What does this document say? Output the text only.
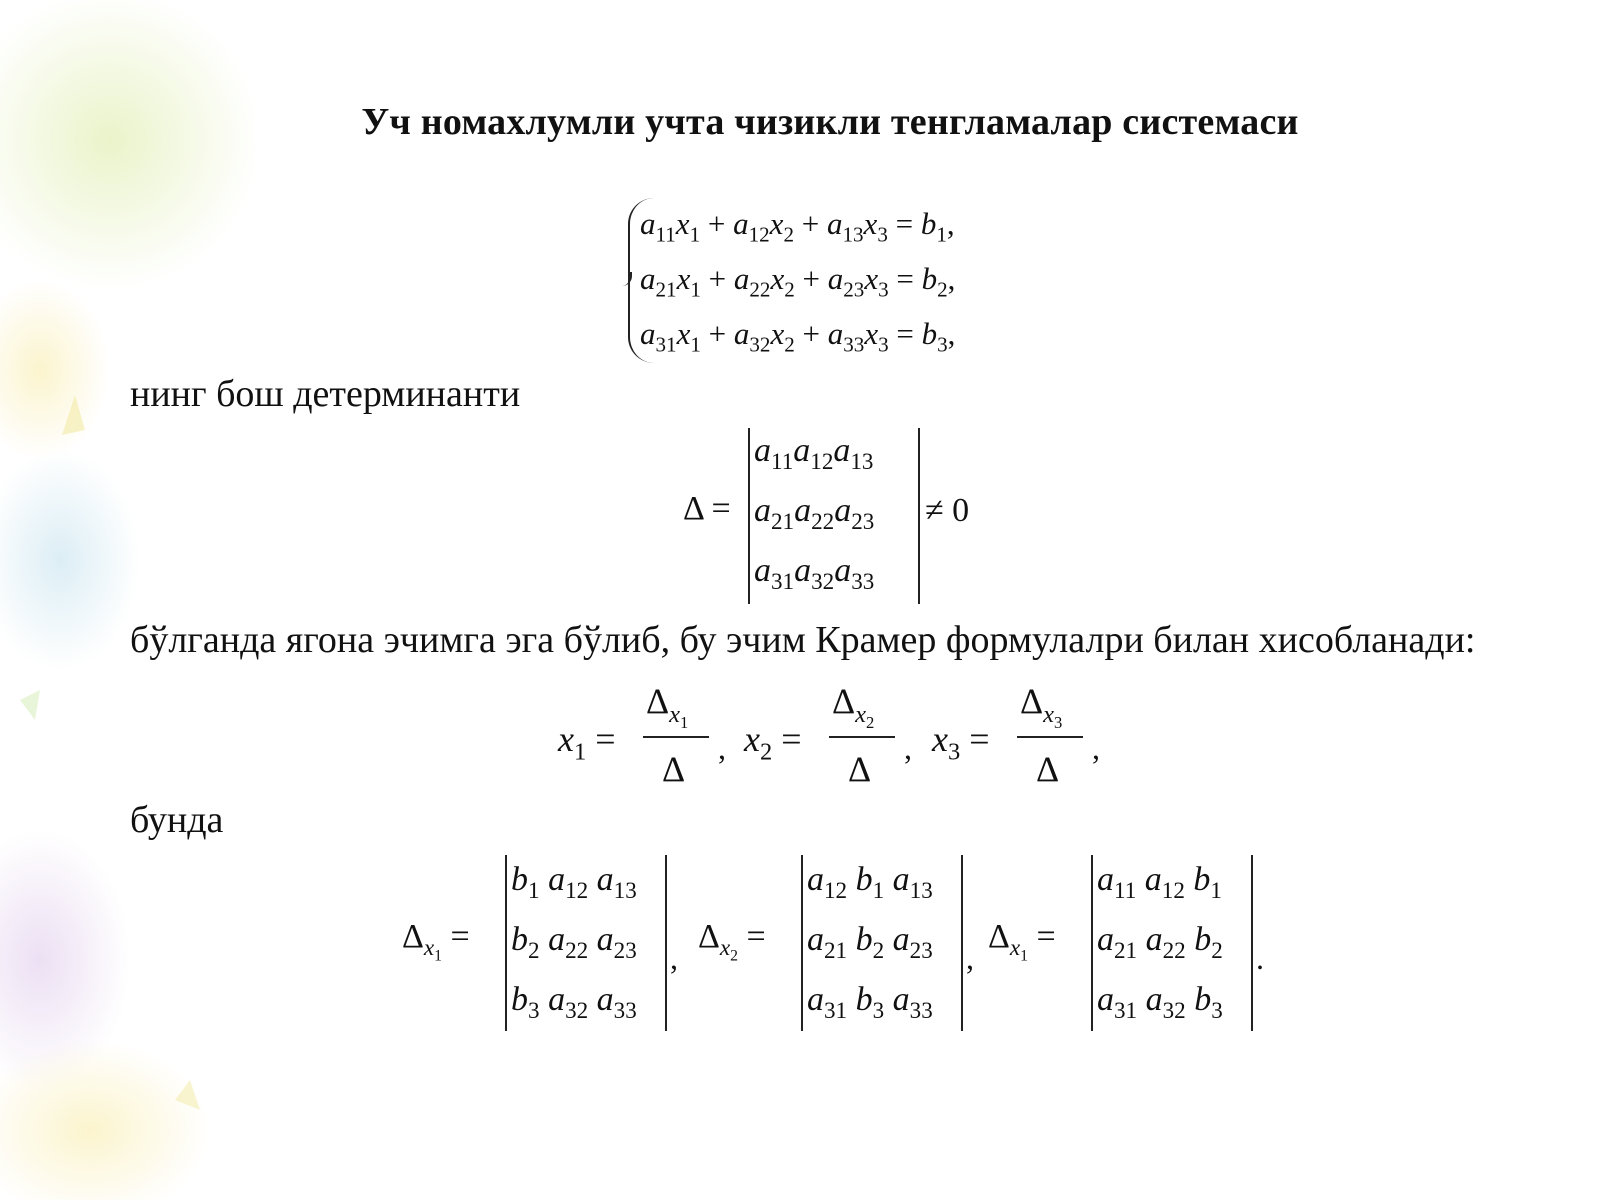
Уч номахлумли учта чизикли тенгламалар системаси
$a_{11}x_1 + a_{12}x_2 + a_{13}x_3 = b_1$,
$a_{21}x_1 + a_{22}x_2 + a_{23}x_3 = b_2$,
$a_{31}x_1 + a_{32}x_2 + a_{33}x_3 = b_3$,
нинг бош детерминанти
Δ =
$a_{11}a_{12}a_{13}$
$a_{21}a_{22}a_{23}$
$a_{31}a_{32}a_{33}$
≠ 0
бўлганда ягона эчимга эга бўлиб, бу эчим Крамер формулалри билан хисобланади:
$x_1$ =
$\Delta_{x_1}$
Δ
, $x_2$ =
$\Delta_{x_2}$
Δ
, $x_3$ =
$\Delta_{x_3}$
Δ
,
бунда
$\Delta_{x_1}$ =
$b_1$ $a_{12}$ $a_{13}$
$b_2$ $a_{22}$ $a_{23}$
$b_3$ $a_{32}$ $a_{33}$
,
$\Delta_{x_2}$ =
$a_{12}$ $b_1$ $a_{13}$
$a_{21}$ $b_2$ $a_{23}$
$a_{31}$ $b_3$ $a_{33}$
,
$\Delta_{x_1}$ =
$a_{11}$ $a_{12}$ $b_1$
$a_{21}$ $a_{22}$ $b_2$
$a_{31}$ $a_{32}$ $b_3$
.
